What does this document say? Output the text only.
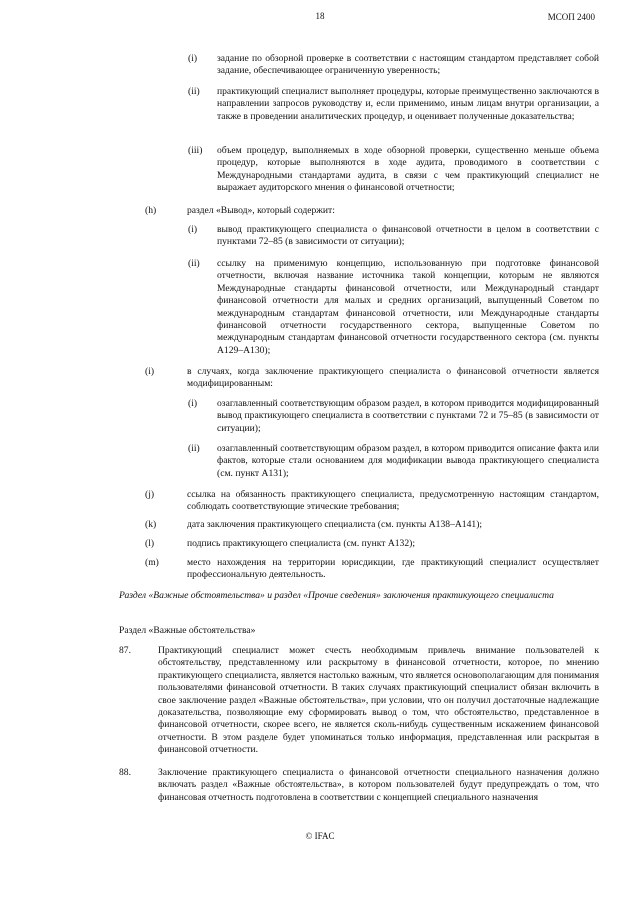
18	МСОП 2400
(i) задание по обзорной проверке в соответствии с настоящим стандартом представляет собой задание, обеспечивающее ограниченную уверенность;
(ii) практикующий специалист выполняет процедуры, которые преимущественно заключаются в направлении запросов руководству и, если применимо, иным лицам внутри организации, а также в проведении аналитических процедур, и оценивает полученные доказательства;
(iii) объем процедур, выполняемых в ходе обзорной проверки, существенно меньше объема процедур, которые выполняются в ходе аудита, проводимого в соответствии с Международными стандартами аудита, в связи с чем практикующий специалист не выражает аудиторского мнения о финансовой отчетности;
(h)	раздел «Вывод», который содержит:
(i) вывод практикующего специалиста о финансовой отчетности в целом в соответствии с пунктами 72–85 (в зависимости от ситуации);
(ii) ссылку на применимую концепцию, использованную при подготовке финансовой отчетности, включая название источника такой концепции, которым не являются Международные стандарты финансовой отчетности, или Международный стандарт финансовой отчетности для малых и средних организаций, выпущенный Советом по международным стандартам финансовой отчетности, или Международные стандарты финансовой отчетности государственного сектора, выпущенные Советом по международным стандартам финансовой отчетности государственного сектора (см. пункты A129–A130);
(i)	в случаях, когда заключение практикующего специалиста о финансовой отчетности является модифицированным:
(i) озаглавленный соответствующим образом раздел, в котором приводится модифицированный вывод практикующего специалиста в соответствии с пунктами 72 и 75–85 (в зависимости от ситуации);
(ii) озаглавленный соответствующим образом раздел, в котором приводится описание факта или фактов, которые стали основанием для модификации вывода практикующего специалиста (см. пункт A131);
(j)	ссылка на обязанность практикующего специалиста, предусмотренную настоящим стандартом, соблюдать соответствующие этические требования;
(k)	дата заключения практикующего специалиста (см. пункты A138–A141);
(l)	подпись практикующего специалиста (см. пункт A132);
(m)	место нахождения на территории юрисдикции, где практикующий специалист осуществляет профессиональную деятельность.
Раздел «Важные обстоятельства» и раздел «Прочие сведения» заключения практикующего специалиста
Раздел «Важные обстоятельства»
87.	Практикующий специалист может счесть необходимым привлечь внимание пользователей к обстоятельству, представленному или раскрытому в финансовой отчетности, которое, по мнению практикующего специалиста, является настолько важным, что является основополагающим для понимания пользователями финансовой отчетности. В таких случаях практикующий специалист обязан включить в свое заключение раздел «Важные обстоятельства», при условии, что он получил достаточные надлежащие доказательства, позволяющие ему сформировать вывод о том, что обстоятельство, представленное в финансовой отчетности, скорее всего, не является сколь-нибудь существенным искажением финансовой отчетности. В этом разделе будет упоминаться только информация, представленная или раскрытая в финансовой отчетности.
88.	Заключение практикующего специалиста о финансовой отчетности специального назначения должно включать раздел «Важные обстоятельства», в котором пользователей будут предупреждать о том, что финансовая отчетность подготовлена в соответствии с концепцией специального назначения
© IFAC
